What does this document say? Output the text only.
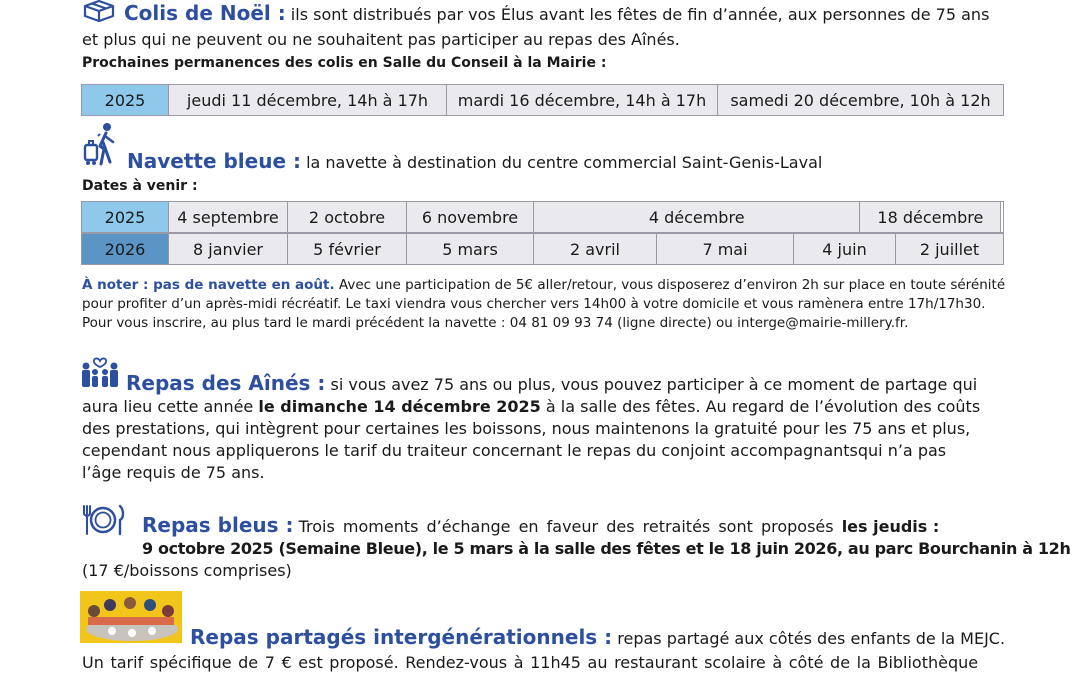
Colis de Noël : ils sont distribués par vos Élus avant les fêtes de fin d’année, aux personnes de 75 ans
et plus qui ne peuvent ou ne souhaitent pas participer au repas des Aînés.
Prochaines permanences des colis en Salle du Conseil à la Mairie :
2025	jeudi 11 décembre, 14h à 17h	mardi 16 décembre, 14h à 17h	samedi 20 décembre, 10h à 12h
Navette bleue : la navette à destination du centre commercial Saint-Genis-Laval
Dates à venir :
2025	4 septembre	2 octobre	6 novembre	4 décembre	18 décembre	
2026	8 janvier	5 février	5 mars	2 avril	7 mai	4 juin	2 juillet
À noter : pas de navette en août. Avec une participation de 5€ aller/retour, vous disposerez d’environ 2h sur place en toute sérénité
pour profiter d’un après-midi récréatif. Le taxi viendra vous chercher vers 14h00 à votre domicile et vous ramènera entre 17h/17h30.
Pour vous inscrire, au plus tard le mardi précédent la navette : 04 81 09 93 74 (ligne directe) ou interge@mairie-millery.fr.
Repas des Aînés : si vous avez 75 ans ou plus, vous pouvez participer à ce moment de partage qui
aura lieu cette année le dimanche 14 décembre 2025 à la salle des fêtes. Au regard de l’évolution des coûts
des prestations, qui intègrent pour certaines les boissons, nous maintenons la gratuité pour les 75 ans et plus,
cependant nous appliquerons le tarif du traiteur concernant le repas du conjoint accompagnantsqui n’a pas
l’âge requis de 75 ans.
Repas bleus : Trois moments d’échange en faveur des retraités sont proposés les jeudis :
9 octobre 2025 (Semaine Bleue), le 5 mars à la salle des fêtes et le 18 juin 2026, au parc Bourchanin à 12h
(17 €/boissons comprises)
Repas partagés intergénérationnels : repas partagé aux côtés des enfants de la MEJC.
Un tarif spécifique de 7 € est proposé. Rendez-vous à 11h45 au restaurant scolaire à côté de la Bibliothèque
